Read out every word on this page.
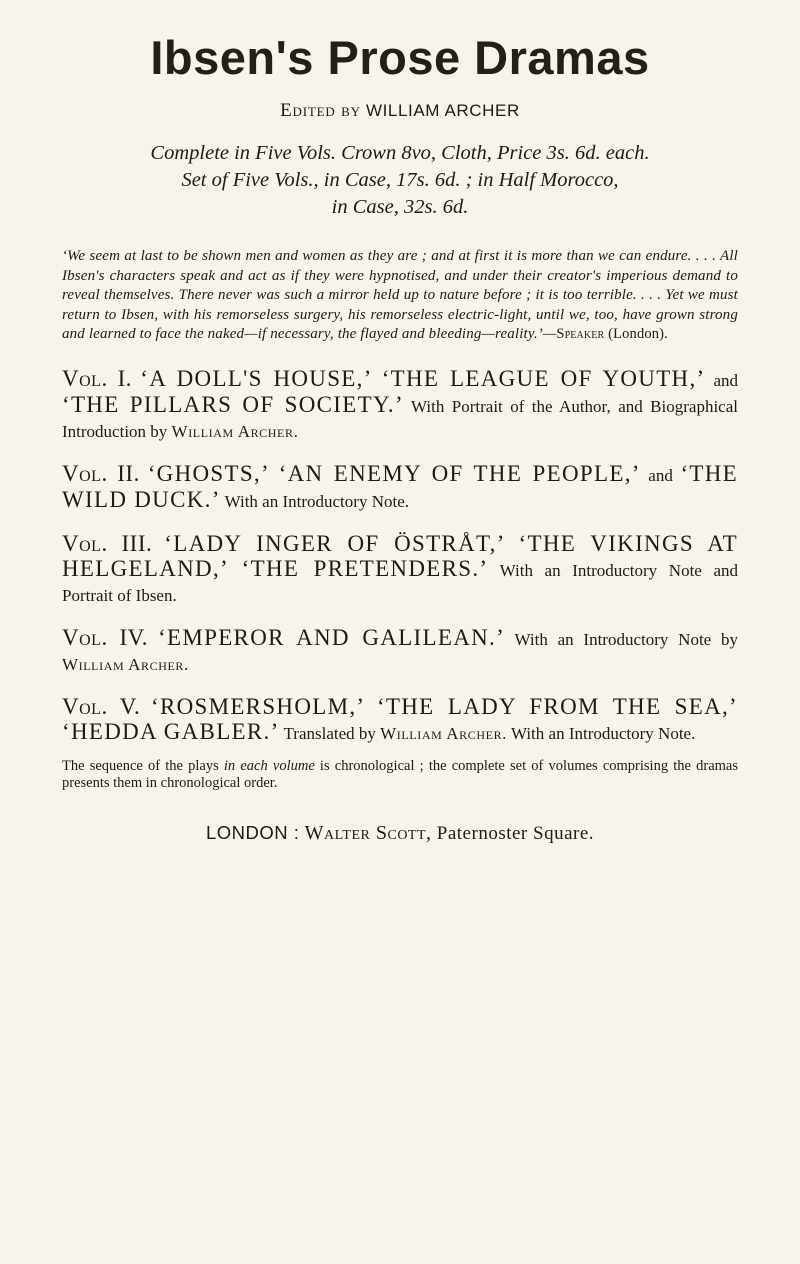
Ibsen's Prose Dramas
Edited by WILLIAM ARCHER
Complete in Five Vols. Crown 8vo, Cloth, Price 3s. 6d. each.
Set of Five Vols., in Case, 17s. 6d. ; in Half Morocco,
in Case, 32s. 6d.
‘We seem at last to be shown men and women as they are ; and at first it is more than we can endure. . . . All Ibsen's characters speak and act as if they were hypnotised, and under their creator's imperious demand to reveal themselves. There never was such a mirror held up to nature before ; it is too terrible. . . . Yet we must return to Ibsen, with his remorseless surgery, his remorseless electric-light, until we, too, have grown strong and learned to face the naked—if necessary, the flayed and bleeding—reality.’—Speaker (London).
Vol. I. ‘A DOLL'S HOUSE,’ ‘THE LEAGUE OF YOUTH,’ and ‘THE PILLARS OF SOCIETY.’ With Portrait of the Author, and Biographical Introduction by William Archer.
Vol. II. ‘GHOSTS,’ ‘AN ENEMY OF THE PEOPLE,’ and ‘THE WILD DUCK.’ With an Introductory Note.
Vol. III. ‘LADY INGER OF ÖSTRÅT,’ ‘THE VIKINGS AT HELGELAND,’ ‘THE PRETENDERS.’ With an Introductory Note and Portrait of Ibsen.
Vol. IV. ‘EMPEROR AND GALILEAN.’ With an Introductory Note by William Archer.
Vol. V. ‘ROSMERSHOLM,’ ‘THE LADY FROM THE SEA,’ ‘HEDDA GABLER.’ Translated by William Archer. With an Introductory Note.
The sequence of the plays in each volume is chronological ; the complete set of volumes comprising the dramas presents them in chronological order.
LONDON : Walter Scott, Paternoster Square.
